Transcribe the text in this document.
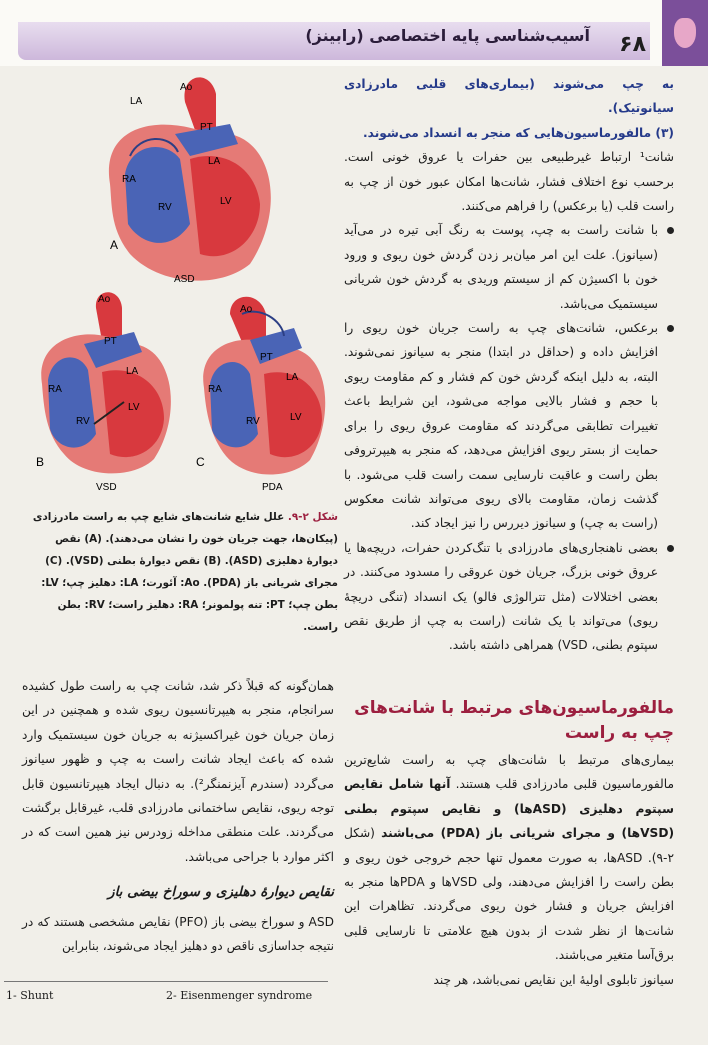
آسیب‌شناسی پایه اختصاصی (رابینز) ۶۸
به چپ می‌شوند (بیماری‌های قلبی مادرزادی سیانوتیک).
(۳) مالفورماسیون‌هایی که منجر به انسداد می‌شوند.
شانت¹ ارتباط غیرطبیعی بین حفرات یا عروق خونی است. برحسب نوع اختلاف فشار، شانت‌ها امکان عبور خون از چپ به راست قلب (یا برعکس) را فراهم می‌کنند.
با شانت راست به چپ، پوست به رنگ آبی تیره در می‌آید (سیانوز). علت این امر میان‌بر زدن گردش خون ریوی و ورود خون با اکسیژن کم از سیستم وریدی به گردش خون شریانی سیستمیک می‌باشد.
برعکس، شانت‌های چپ به راست جریان خون ریوی را افزایش داده و (حداقل در ابتدا) منجر به سیانوز نمی‌شوند. البته، به دلیل اینکه گردش خون کم فشار و کم مقاومت ریوی با حجم و فشار بالایی مواجه می‌شود، این شرایط باعث تغییرات تطابقی می‌گردند که مقاومت عروق ریوی را برای حمایت از بستر ریوی افزایش می‌دهد، که منجر به هیپرتروفی بطن راست و عاقبت نارسایی سمت راست قلب می‌شود. با گذشت زمان، مقاومت بالای ریوی می‌تواند شانت معکوس (راست به چپ) و سیانوز دیررس را نیز ایجاد کند.
بعضی ناهنجاری‌های مادرزادی با تنگ‌کردن حفرات، دریچه‌ها یا عروق خونی بزرگ، جریان خون عروقی را مسدود می‌کنند. در بعضی اختلالات (مثل تترالوژی فالو) یک انسداد (تنگی دریچهٔ ریوی) می‌تواند با یک شانت (راست به چپ از طریق نقص سپتوم بطنی، VSD) همراهی داشته باشد.
مالفورماسیون‌های مرتبط با شانت‌های چپ به راست
بیماری‌های مرتبط با شانت‌های چپ به راست شایع‌ترین مالفورماسیون قلبی مادرزادی قلب هستند. آنها شامل نقایص سپتوم دهلیزی (ASDها) و نقایص سپتوم بطنی (VSDها) و مجرای شریانی باز (PDA) می‌باشند (شکل ۲-۹). ASDها، به صورت معمول تنها حجم خروجی خون ریوی و بطن راست را افزایش می‌دهند، ولی VSDها و PDAها منجر به افزایش جریان و فشار خون ریوی می‌گردند. تظاهرات این شانت‌ها از نظر شدت از بدون هیچ علامتی تا نارسایی قلبی برق‌آسا متغیر می‌باشند.
سیانوز تابلوی اولیهٔ این نقایص نمی‌باشد، هر چند
LA
Ao
PT
RA
LA
RV
LV
A
ASD
Ao
PT
LA
RA
LV
RV
B
VSD
Ao
PT
LA
RA
RV	LV
C
PDA
شکل ۲-۹. علل شایع شانت‌های شایع چپ به راست مادرزادی (پیکان‌ها، جهت جریان خون را نشان می‌دهند). (A) نقص دیوارهٔ دهلیزی (ASD). (B) نقص دیوارهٔ بطنی (VSD). (C) مجرای شریانی باز (PDA). Ao: آئورت؛ LA: دهلیز چپ؛ LV: بطن چپ؛ PT: تنه پولمونر؛ RA: دهلیز راست؛ RV: بطن راست.
همان‌گونه که قبلاً ذکر شد، شانت چپ به راست طول کشیده سرانجام، منجر به هیپرتانسیون ریوی شده و همچنین در این زمان جریان خون غیراکسیژنه به جریان خون سیستمیک وارد شده که باعث ایجاد شانت راست به چپ و ظهور سیانوز می‌گردد (سندرم آیزنمنگر²). به دنبال ایجاد هیپرتانسیون قابل توجه ریوی، نقایص ساختمانی مادرزادی قلب، غیرقابل برگشت می‌گردند. علت منطقی مداخله زودرس نیز همین است که در اکثر موارد با جراحی می‌باشد.
نقایص دیوارهٔ دهلیزی و سوراخ بیضی باز
ASD و سوراخ بیضی باز (PFO) نقایص مشخصی هستند که در نتیجه جداسازی ناقص دو دهلیز ایجاد می‌شوند، بنابراین
1- Shunt	2- Eisenmenger syndrome
